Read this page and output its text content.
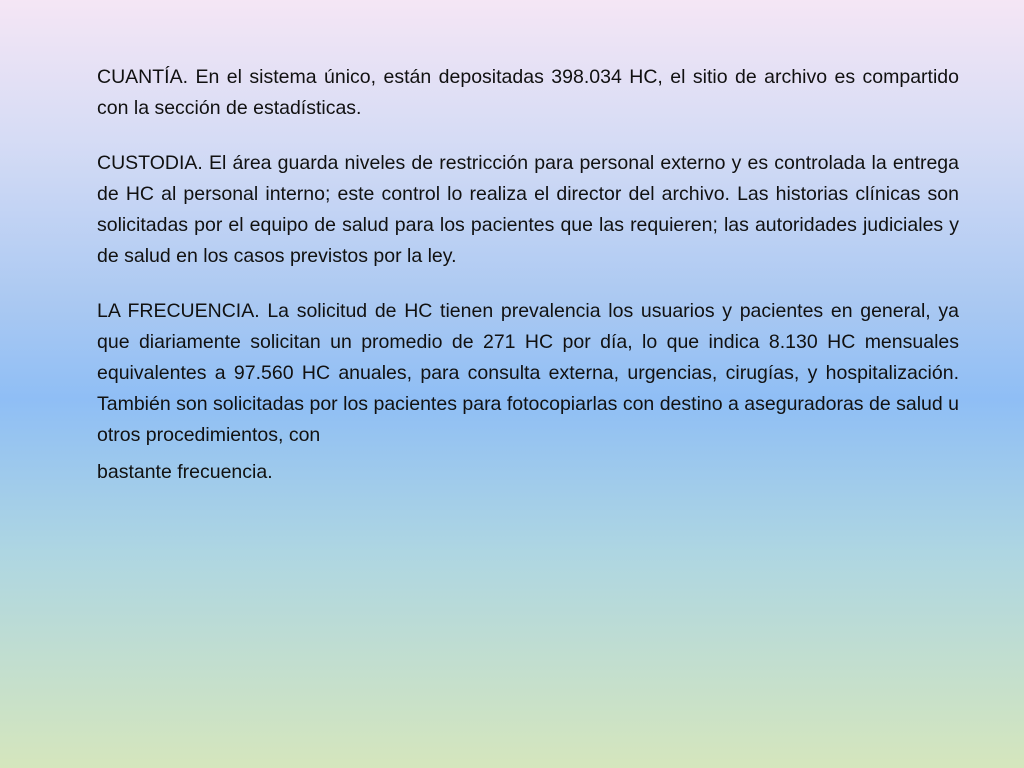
CUANTÍA. En el sistema único, están depositadas 398.034 HC, el sitio de archivo es compartido con la sección de estadísticas.

CUSTODIA. El área guarda niveles de restricción para personal externo y es controlada la entrega de HC al personal interno; este control lo realiza el director del archivo. Las historias clínicas son solicitadas por el equipo de salud para los pacientes que las requieren; las autoridades judiciales y de salud en los casos previstos por la ley.

LA FRECUENCIA. La solicitud de HC tienen prevalencia los usuarios y pacientes en general, ya que diariamente solicitan un promedio de 271 HC por día, lo que indica 8.130 HC mensuales equivalentes a 97.560 HC anuales, para consulta externa, urgencias, cirugías, y hospitalización. También son solicitadas por los pacientes para fotocopiarlas con destino a aseguradoras de salud u otros procedimientos, con

bastante frecuencia.
